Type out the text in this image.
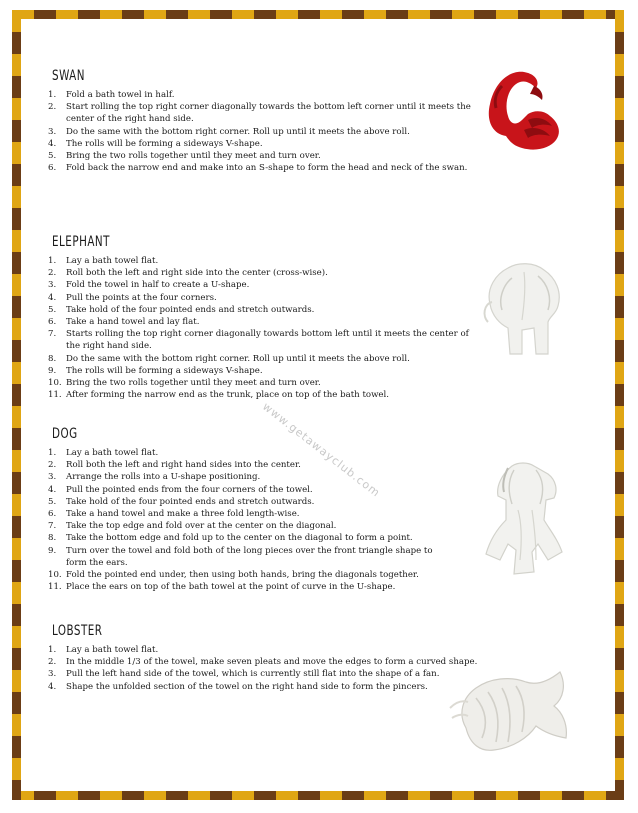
SWAN
1.	Fold a bath towel in half.
2.	Start rolling the top right corner diagonally towards the bottom left corner until it meets the center of the right hand side.
3.	Do the same with the bottom right corner. Roll up until it meets the above roll.
4.	The rolls will be forming a sideways V-shape.
5.	Bring the two rolls together until they meet and turn over.
6.	Fold back the narrow end and make into an S-shape to form the head and neck of the swan.
ELEPHANT
1.	Lay a bath towel flat.
2.	Roll both the left and right side into the center (cross-wise).
3.	Fold the towel in half to create a U-shape.
4.	Pull the points at the four corners.
5.	Take hold of the four pointed ends and stretch outwards.
6.	Take a hand towel and lay flat.
7.	Starts rolling the top right corner diagonally towards bottom left until it meets the center of the right hand side.
8.	Do the same with the bottom right corner. Roll up until it meets the above roll.
9.	The rolls will be forming a sideways V-shape.
10. Bring the two rolls together until they meet and turn over.
11. After forming the narrow end as the trunk, place on top of the bath towel.
DOG
1.	Lay a bath towel flat.
2.	Roll both the left and right hand sides into the center.
3.	Arrange the rolls into a U-shape positioning.
4.	Pull the pointed ends from the four corners of the towel.
5.	Take hold of the four pointed ends and stretch outwards.
6.	Take a hand towel and make a three fold length-wise.
7.	Take the top edge and fold over at the center on the diagonal.
8.	Take the bottom edge and fold up to the center on the diagonal to form a point.
9.	Turn over the towel and fold both of the long pieces over the front triangle shape to form the ears.
10. Fold the pointed end under, then using both hands, bring the diagonals together.
11. Place the ears on top of the bath towel at the point of curve in the U-shape.
LOBSTER
1.	Lay a bath towel flat.
2.	In the middle 1/3 of the towel, make seven pleats and move the edges to form a curved shape.
3.	Pull the left hand side of the towel, which is currently still flat into the shape of a fan.
4.	Shape the unfolded section of the towel on the right hand side to form the pincers.
www.getawayclub.com
